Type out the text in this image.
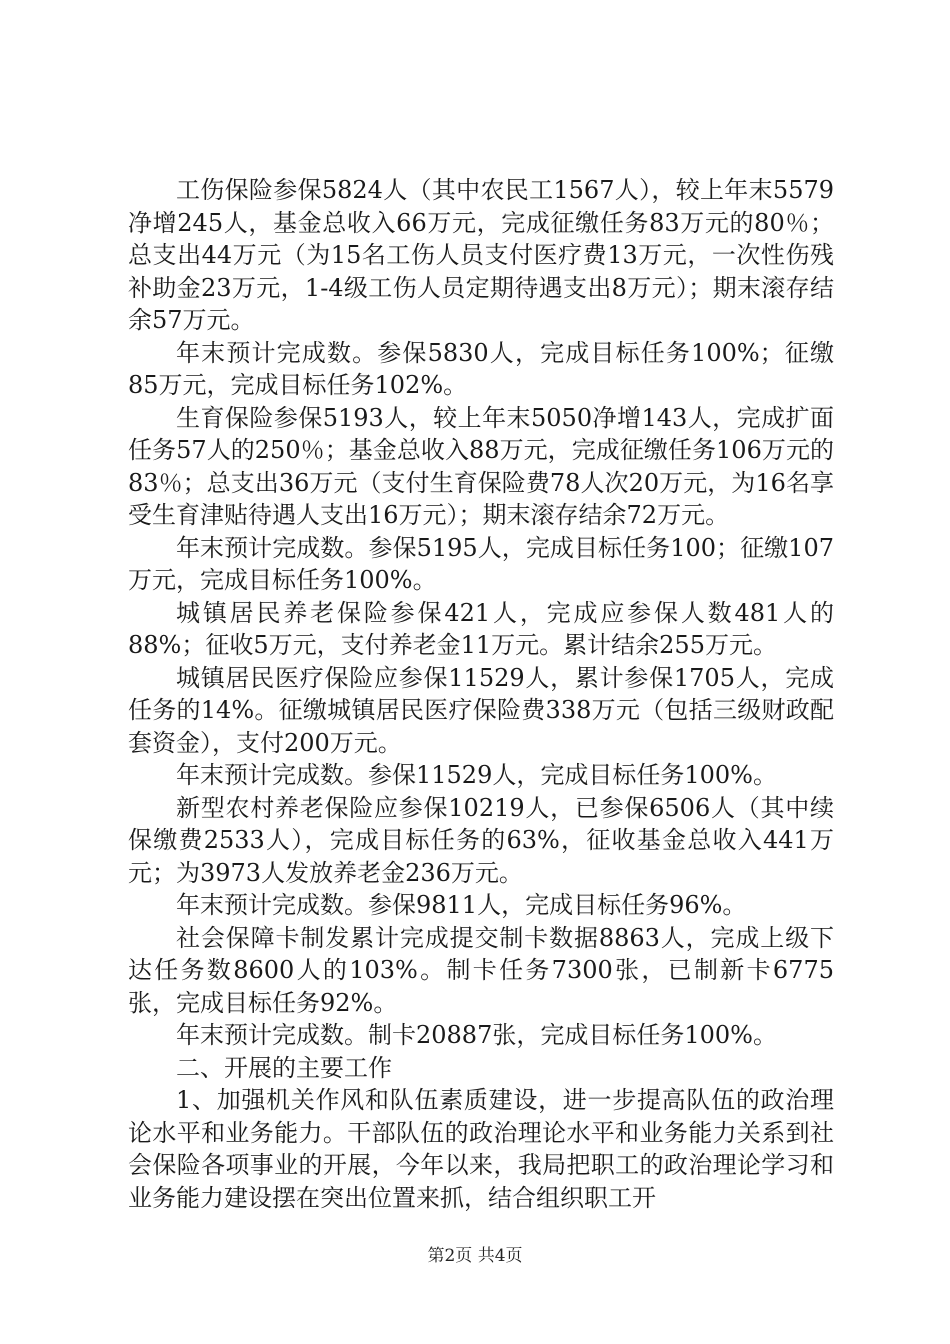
工伤保险参保5824人（其中农民工1567人），较上年末5579净增245人，基金总收入66万元，完成征缴任务83万元的80％；总支出44万元（为15名工伤人员支付医疗费13万元，一次性伤残补助金23万元，1-4级工伤人员定期待遇支出8万元）；期末滚存结余57万元。

年末预计完成数。参保5830人，完成目标任务100%；征缴85万元，完成目标任务102%。

生育保险参保5193人，较上年末5050净增143人，完成扩面任务57人的250％；基金总收入88万元，完成征缴任务106万元的83％；总支出36万元（支付生育保险费78人次20万元，为16名享受生育津贴待遇人支出16万元）；期末滚存结余72万元。

年末预计完成数。参保5195人，完成目标任务100；征缴107万元，完成目标任务100%。

城镇居民养老保险参保421人，完成应参保人数481人的88%；征收5万元，支付养老金11万元。累计结余255万元。

城镇居民医疗保险应参保11529人，累计参保1705人，完成任务的14%。征缴城镇居民医疗保险费338万元（包括三级财政配套资金），支付200万元。

年末预计完成数。参保11529人，完成目标任务100%。

新型农村养老保险应参保10219人，已参保6506人（其中续保缴费2533人），完成目标任务的63%，征收基金总收入441万元；为3973人发放养老金236万元。

年末预计完成数。参保9811人，完成目标任务96%。

社会保障卡制发累计完成提交制卡数据8863人，完成上级下达任务数8600人的103%。制卡任务7300张，已制新卡6775张，完成目标任务92%。

年末预计完成数。制卡20887张，完成目标任务100%。

二、开展的主要工作

1、加强机关作风和队伍素质建设，进一步提高队伍的政治理论水平和业务能力。干部队伍的政治理论水平和业务能力关系到社会保险各项事业的开展，今年以来，我局把职工的政治理论学习和业务能力建设摆在突出位置来抓，结合组织职工开

第2页 共4页
